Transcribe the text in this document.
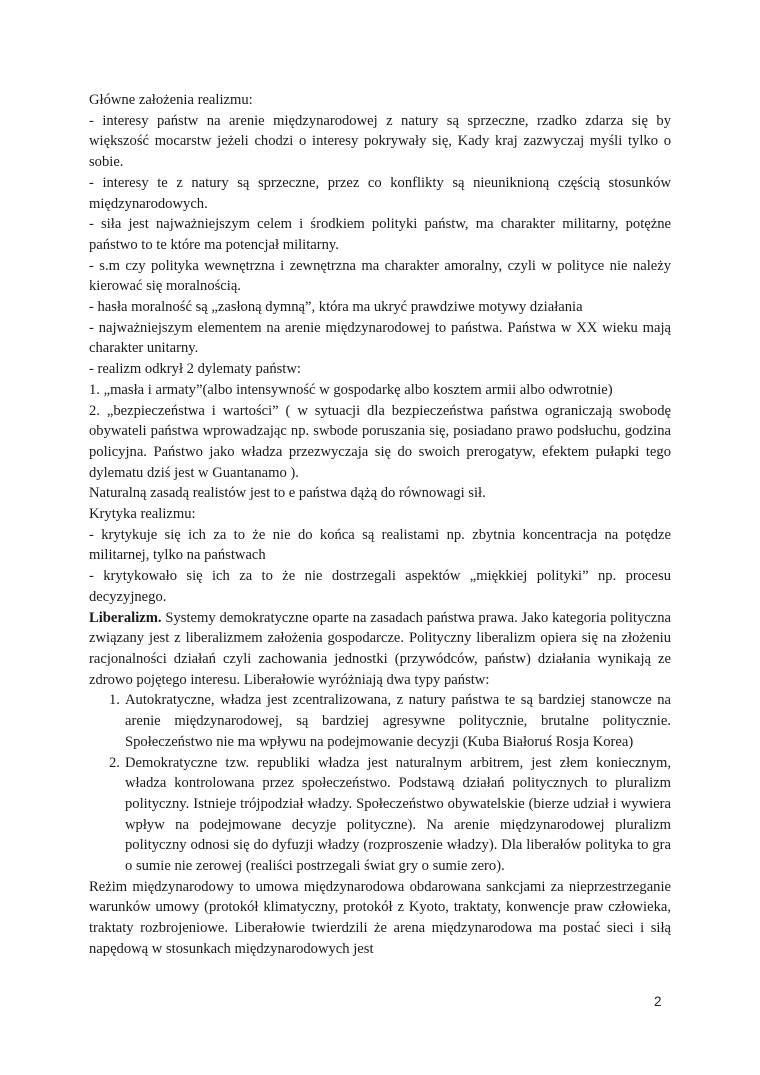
Główne założenia realizmu:

- interesy państw na arenie międzynarodowej z natury są sprzeczne, rzadko zdarza się by większość mocarstw jeżeli chodzi o interesy pokrywały się, Kady kraj zazwyczaj myśli tylko o sobie.

- interesy te z natury są sprzeczne, przez co konflikty są nieuniknioną częścią stosunków międzynarodowych.

- siła jest najważniejszym celem i środkiem polityki państw, ma charakter militarny, potężne państwo to te które ma potencjał militarny.

- s.m czy polityka wewnętrzna i zewnętrzna ma charakter amoralny, czyli w polityce nie należy kierować się moralnością.

- hasła moralność są „zasłoną dymną”, która ma ukryć prawdziwe motywy działania

- najważniejszym elementem na arenie międzynarodowej to państwa. Państwa w XX wieku mają charakter unitarny.

- realizm odkrył 2 dylematy państw:

1. „masła i armaty”(albo intensywność w gospodarkę albo kosztem armii albo odwrotnie)

2. „bezpieczeństwa i wartości” ( w sytuacji dla bezpieczeństwa państwa ograniczają swobodę obywateli państwa wprowadzając np. swbode poruszania się, posiadano prawo podsłuchu, godzina policyjna. Państwo jako władza przezwyczaja się do swoich prerogatyw, efektem pułapki tego dylematu dziś jest w Guantanamo ).

Naturalną zasadą realistów jest to e państwa dążą do równowagi sił.

Krytyka realizmu:

- krytykuje się ich za to że nie do końca są realistami np. zbytnia koncentracja na potędze militarnej, tylko na państwach

- krytykowało się ich za to że nie dostrzegali aspektów „miękkiej polityki” np. procesu decyzyjnego.

Liberalizm. Systemy demokratyczne oparte na zasadach państwa prawa. Jako kategoria polityczna związany jest z liberalizmem założenia gospodarcze. Polityczny liberalizm opiera się na złożeniu racjonalności działań czyli zachowania jednostki (przywódców, państw) działania wynikają ze zdrowo pojętego interesu. Liberałowie wyróżniają dwa typy państw:

1. Autokratyczne, władza jest zcentralizowana, z natury państwa te są bardziej stanowcze na arenie międzynarodowej, są bardziej agresywne politycznie, brutalne politycznie. Społeczeństwo nie ma wpływu na podejmowanie decyzji (Kuba Białoruś Rosja Korea)
2. Demokratyczne tzw. republiki władza jest naturalnym arbitrem, jest złem koniecznym, władza kontrolowana przez społeczeństwo. Podstawą działań politycznych to pluralizm polityczny. Istnieje trójpodział władzy. Społeczeństwo obywatelskie (bierze udział i wywiera wpływ na podejmowane decyzje polityczne). Na arenie międzynarodowej pluralizm polityczny odnosi się do dyfuzji władzy (rozproszenie władzy). Dla liberałów polityka to gra o sumie nie zerowej (realiści postrzegali świat gry o sumie zero).

Reżim międzynarodowy to umowa międzynarodowa obdarowana sankcjami za nieprzestrzeganie warunków umowy (protokół klimatyczny, protokół z Kyoto, traktaty, konwencje praw człowieka, traktaty rozbrojeniowe. Liberałowie twierdzili że arena międzynarodowa ma postać sieci i siłą napędową w stosunkach międzynarodowych jest

2
